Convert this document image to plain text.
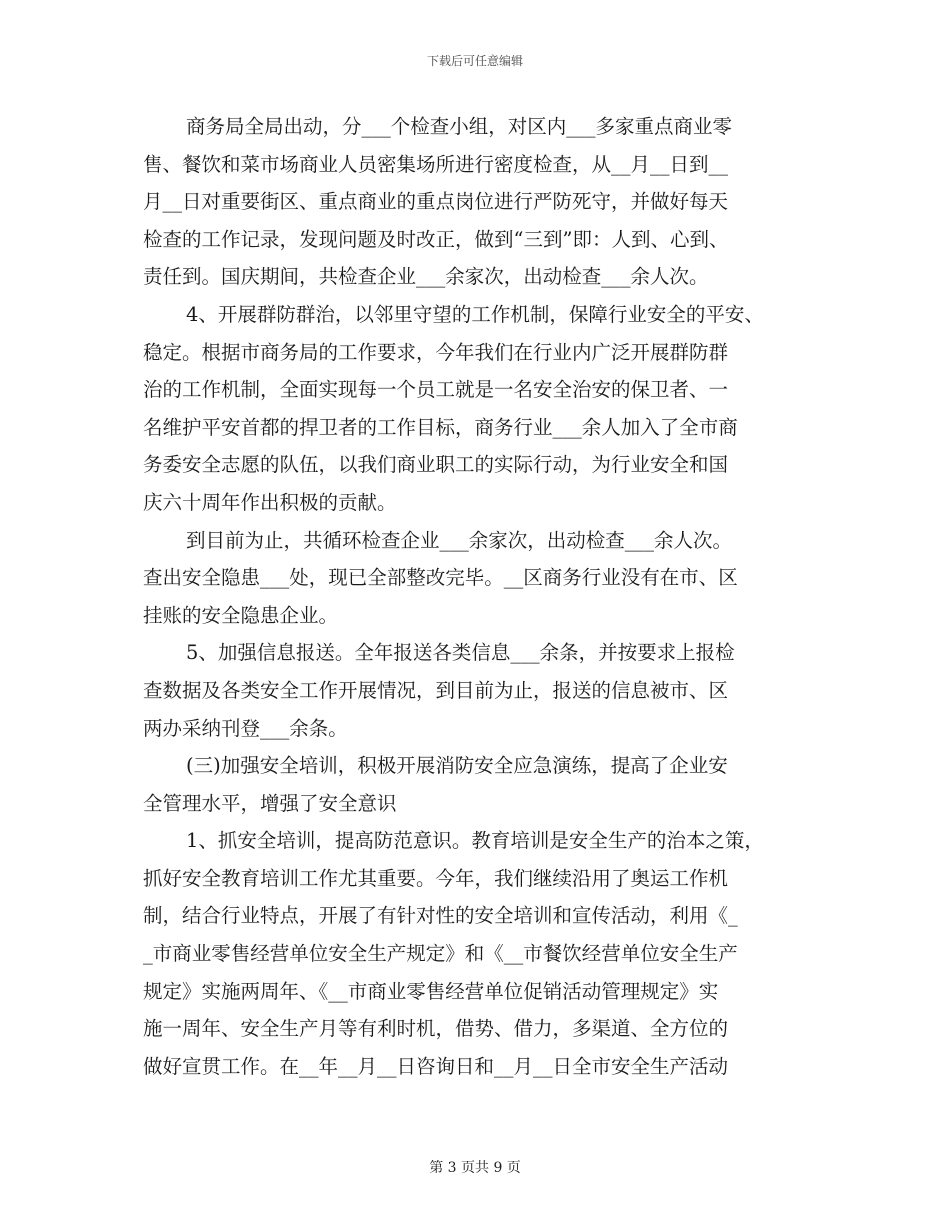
下载后可任意编辑
商务局全局出动，分___个检查小组，对区内___多家重点商业零
售、餐饮和菜市场商业人员密集场所进行密度检查，从__月__日到__
月__日对重要街区、重点商业的重点岗位进行严防死守，并做好每天
检查的工作记录，发现问题及时改正，做到“三到”即：人到、心到、
责任到。国庆期间，共检查企业___余家次，出动检查___余人次。
4、开展群防群治，以邻里守望的工作机制，保障行业安全的平安、
稳定。根据市商务局的工作要求，今年我们在行业内广泛开展群防群
治的工作机制，全面实现每一个员工就是一名安全治安的保卫者、一
名维护平安首都的捍卫者的工作目标，商务行业___余人加入了全市商
务委安全志愿的队伍，以我们商业职工的实际行动，为行业安全和国
庆六十周年作出积极的贡献。
到目前为止，共循环检查企业___余家次，出动检查___余人次。
查出安全隐患___处，现已全部整改完毕。__区商务行业没有在市、区
挂账的安全隐患企业。
5、加强信息报送。全年报送各类信息___余条，并按要求上报检
查数据及各类安全工作开展情况，到目前为止，报送的信息被市、区
两办采纳刊登___余条。
(三)加强安全培训，积极开展消防安全应急演练，提高了企业安
全管理水平，增强了安全意识
1、抓安全培训，提高防范意识。教育培训是安全生产的治本之策，
抓好安全教育培训工作尤其重要。今年，我们继续沿用了奥运工作机
制，结合行业特点，开展了有针对性的安全培训和宣传活动，利用《_
_市商业零售经营单位安全生产规定》和《__市餐饮经营单位安全生产
规定》实施两周年、《__市商业零售经营单位促销活动管理规定》实
施一周年、安全生产月等有利时机，借势、借力，多渠道、全方位的
做好宣贯工作。在__年__月__日咨询日和__月__日全市安全生产活动
第 3 页共 9 页
